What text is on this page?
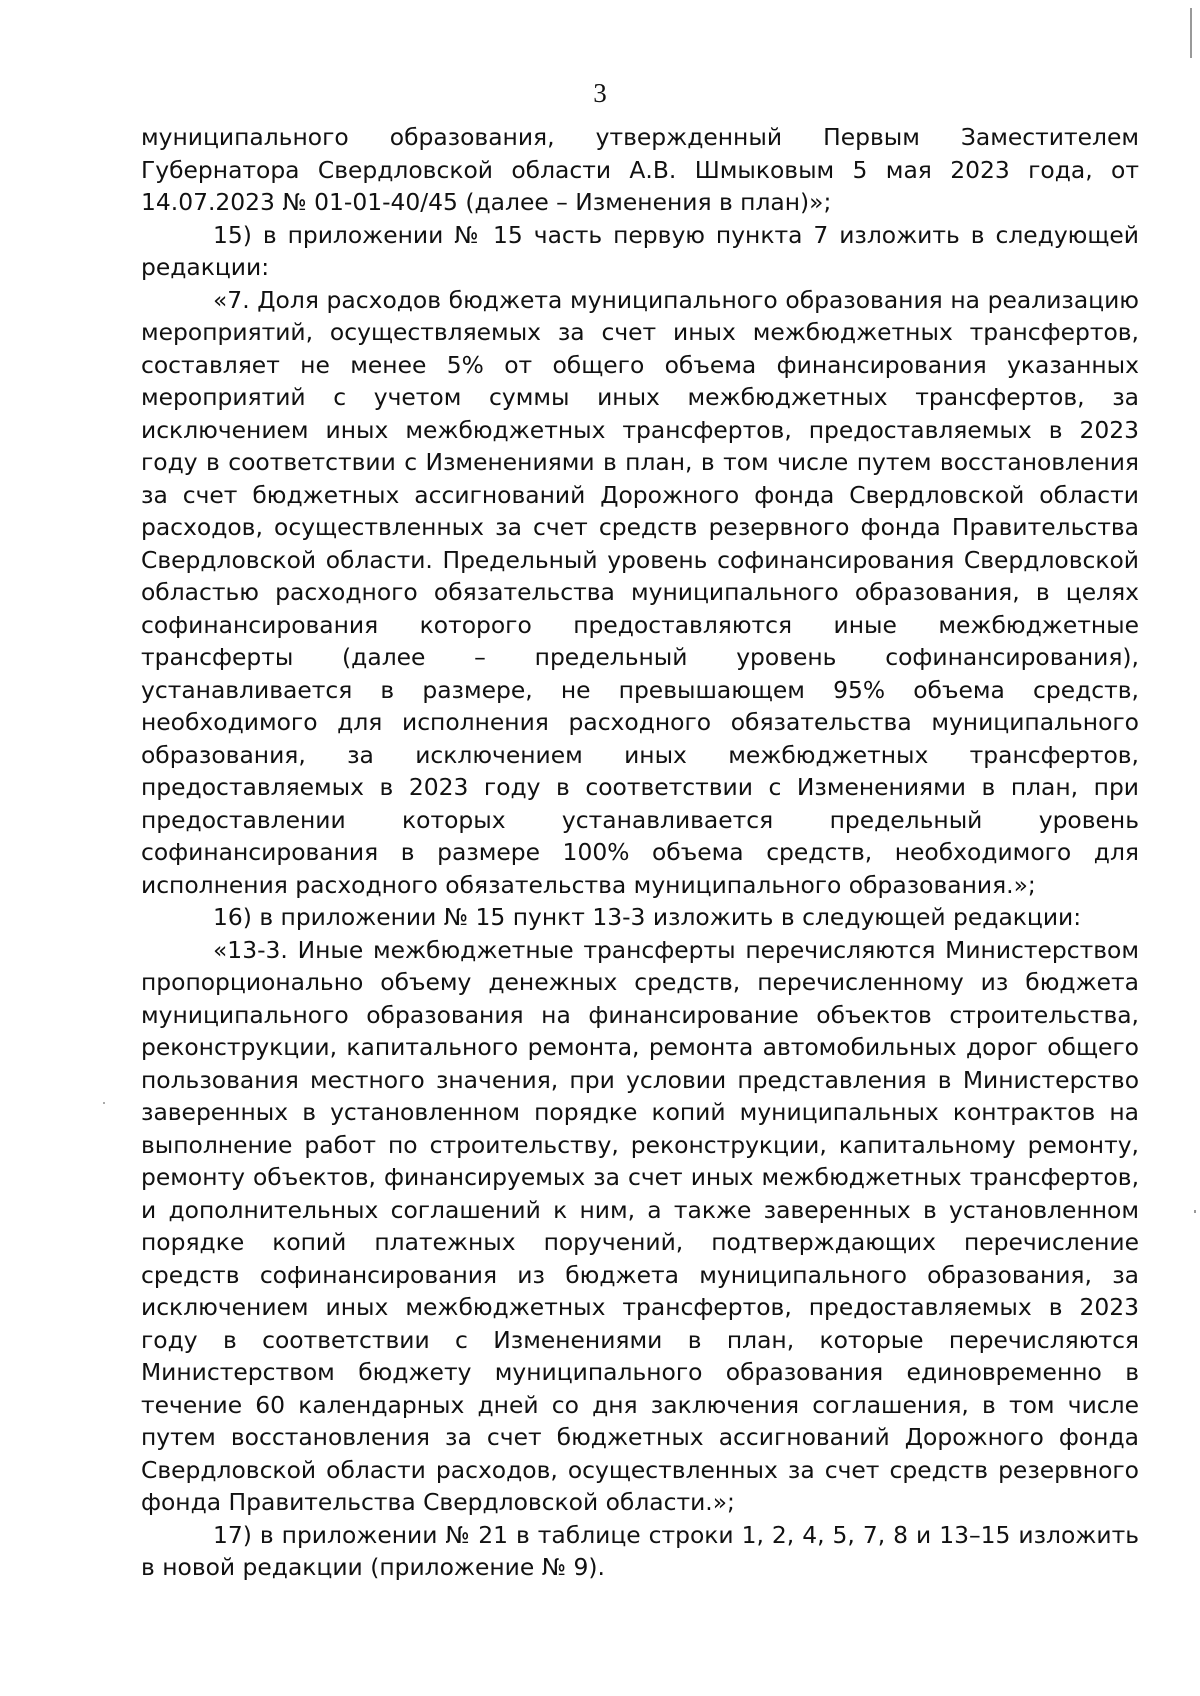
3

муниципального образования, утвержденный Первым Заместителем Губернатора Свердловской области А.В. Шмыковым 5 мая 2023 года, от 14.07.2023 № 01-01-40/45 (далее – Изменения в план)»;

15) в приложении № 15 часть первую пункта 7 изложить в следующей редакции:

«7. Доля расходов бюджета муниципального образования на реализацию мероприятий, осуществляемых за счет иных межбюджетных трансфертов, составляет не менее 5% от общего объема финансирования указанных мероприятий с учетом суммы иных межбюджетных трансфертов, за исключением иных межбюджетных трансфертов, предоставляемых в 2023 году в соответствии с Изменениями в план, в том числе путем восстановления за счет бюджетных ассигнований Дорожного фонда Свердловской области расходов, осуществленных за счет средств резервного фонда Правительства Свердловской области. Предельный уровень софинансирования Свердловской областью расходного обязательства муниципального образования, в целях софинансирования которого предоставляются иные межбюджетные трансферты (далее – предельный уровень софинансирования), устанавливается в размере, не превышающем 95% объема средств, необходимого для исполнения расходного обязательства муниципального образования, за исключением иных межбюджетных трансфертов, предоставляемых в 2023 году в соответствии с Изменениями в план, при предоставлении которых устанавливается предельный уровень софинансирования в размере 100% объема средств, необходимого для исполнения расходного обязательства муниципального образования.»;

16) в приложении № 15 пункт 13-3 изложить в следующей редакции:

«13-3. Иные межбюджетные трансферты перечисляются Министерством пропорционально объему денежных средств, перечисленному из бюджета муниципального образования на финансирование объектов строительства, реконструкции, капитального ремонта, ремонта автомобильных дорог общего пользования местного значения, при условии представления в Министерство заверенных в установленном порядке копий муниципальных контрактов на выполнение работ по строительству, реконструкции, капитальному ремонту, ремонту объектов, финансируемых за счет иных межбюджетных трансфертов, и дополнительных соглашений к ним, а также заверенных в установленном порядке копий платежных поручений, подтверждающих перечисление средств софинансирования из бюджета муниципального образования, за исключением иных межбюджетных трансфертов, предоставляемых в 2023 году в соответствии с Изменениями в план, которые перечисляются Министерством бюджету муниципального образования единовременно в течение 60 календарных дней со дня заключения соглашения, в том числе путем восстановления за счет бюджетных ассигнований Дорожного фонда Свердловской области расходов, осуществленных за счет средств резервного фонда Правительства Свердловской области.»;

17) в приложении № 21 в таблице строки 1, 2, 4, 5, 7, 8 и 13–15 изложить в новой редакции (приложение № 9).
